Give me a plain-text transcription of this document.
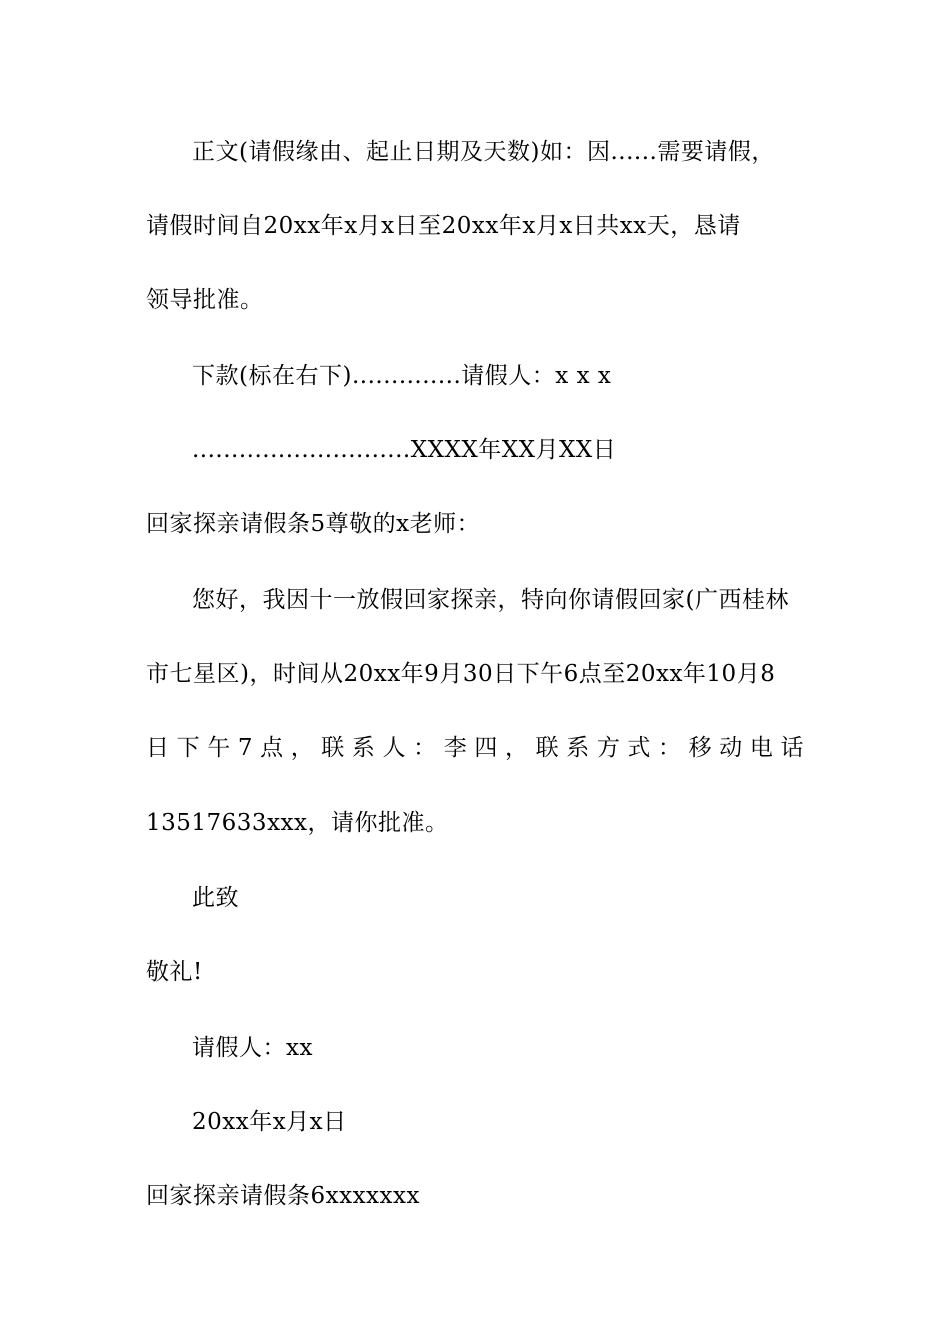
正文(请假缘由、起止日期及天数)如：因......需要请假，
请假时间自20xx年x月x日至20xx年x月x日共xx天，恳请
领导批准。
下款(标在右下)..............请假人：x x x
............................XXXX年XX月XX日
回家探亲请假条5尊敬的x老师：
您好，我因十一放假回家探亲，特向你请假回家(广西桂林
市七星区)，时间从20xx年9月30日下午6点至20xx年10月8
日下午7点，联系人：李四，联系方式：移动电话
13517633xxx，请你批准。
此致
敬礼!
请假人：xx
20xx年x月x日
回家探亲请假条6xxxxxxx
